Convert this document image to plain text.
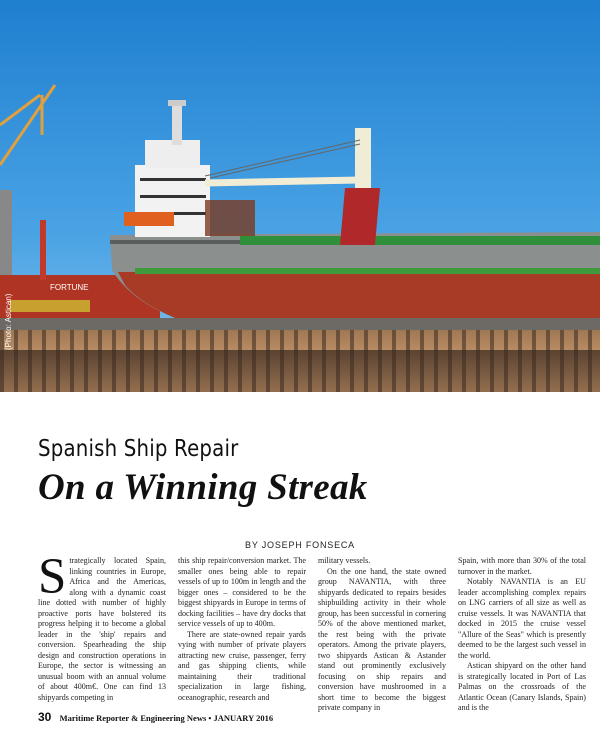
FORTUNE
(Photo: Astican)
Spanish Ship Repair
On a Winning Streak
BY JOSEPH FONSECA

Strategically located Spain, linking countries in Europe, Africa and the Americas, along with a dynamic coast line dotted with number of highly proactive ports have bolstered its progress helping it to become a global leader in the 'ship' repairs and conversion. Spearheading the ship design and construction operations in Europe, the sector is witnessing an unusual boom with an annual volume of about 400m€. One can find 13 shipyards competing in

this ship repair/conversion market. The smaller ones being able to repair vessels of up to 100m in length and the bigger ones – considered to be the biggest shipyards in Europe in terms of docking facilities – have dry docks that service vessels of up to 400m.

There are state-owned repair yards vying with number of private players attracting new cruise, passenger, ferry and gas shipping clients, while maintaining their traditional specialization in large fishing, oceanographic, research and

military vessels.

On the one hand, the state owned group NAVANTIA, with three shipyards dedicated to repairs besides shipbuilding activity in their whole group, has been successful in cornering 50% of the above mentioned market, the rest being with the private operators. Among the private players, two shipyards Astican & Astander stand out prominently exclusively focusing on ship repairs and conversion have mushroomed in a short time to become the biggest private company in

Spain, with more than 30% of the total turnover in the market.

Notably NAVANTIA is an EU leader accomplishing complex repairs on LNG carriers of all size as well as cruise vessels. It was NAVANTIA that docked in 2015 the cruise vessel "Allure of the Seas" which is presently deemed to be the largest such vessel in the world.

Astican shipyard on the other hand is strategically located in Port of Las Palmas on the crossroads of the Atlantic Ocean (Canary Islands, Spain) and is the

30 Maritime Reporter & Engineering News • JANUARY 2016
